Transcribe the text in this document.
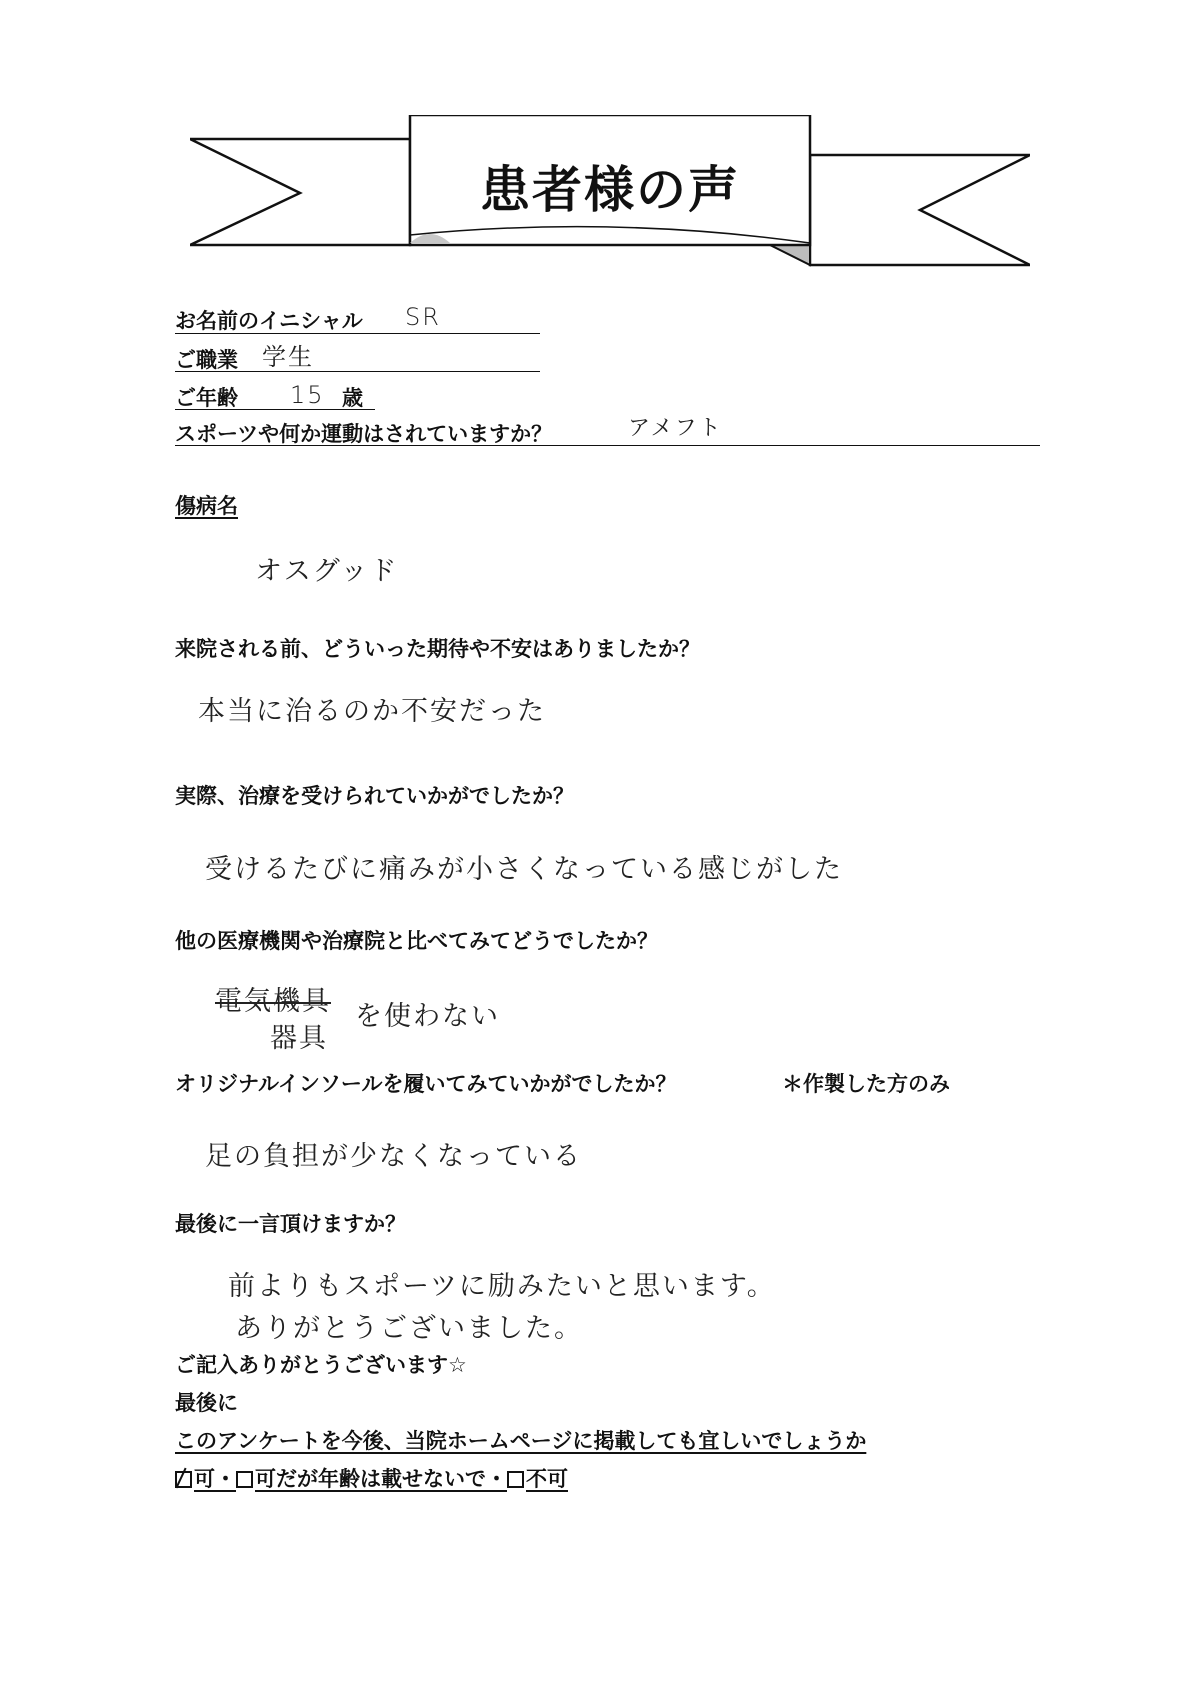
患者様の声
お名前のイニシャル SR
ご職業 学生
ご年齢 15 歳
スポーツや何か運動はされていますか？	アメフト
傷病名
オスグッド
来院される前、どういった期待や不安はありましたか？
本当に治るのか不安だった
実際、治療を受けられていかがでしたか？
受けるたびに痛みが小さくなっている感じがした
他の医療機関や治療院と比べてみてどうでしたか？
電気機具
器具
を使わない
オリジナルインソールを履いてみていかがでしたか？	＊作製した方のみ
足の負担が少なくなっている
最後に一言頂けますか？
前よりもスポーツに励みたいと思います。
ありがとうございました。
ご記入ありがとうございます☆
最後に
このアンケートを今後、当院ホームページに掲載しても宜しいでしょうか
可・ 可だが年齢は載せないで・ 不可
